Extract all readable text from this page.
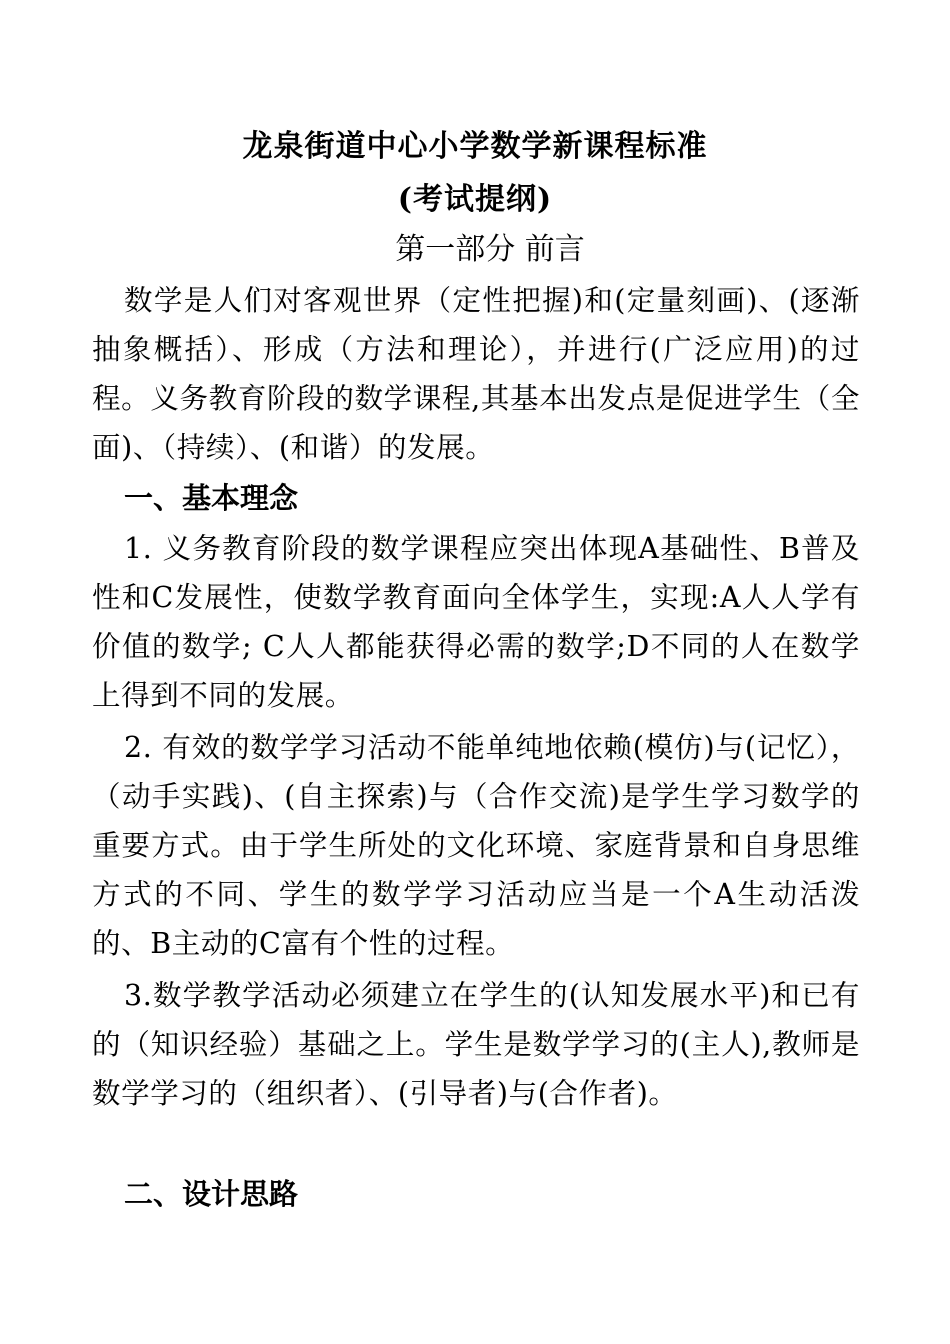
龙泉街道中心小学数学新课程标准
(考试提纲)
第一部分 前言
数学是人们对客观世界（定性把握)和(定量刻画)、(逐渐抽象概括）、形成（方法和理论），并进行(广泛应用)的过程。义务教育阶段的数学课程,其基本出发点是促进学生（全面)、（持续）、(和谐）的发展。
一、基本理念
1. 义务教育阶段的数学课程应突出体现A基础性、B普及性和C发展性，使数学教育面向全体学生，实现:A人人学有价值的数学; C人人都能获得必需的数学;D不同的人在数学上得到不同的发展。
2. 有效的数学学习活动不能单纯地依赖(模仿)与(记忆），（动手实践)、(自主探索)与（合作交流)是学生学习数学的重要方式。由于学生所处的文化环境、家庭背景和自身思维方式的不同、学生的数学学习活动应当是一个A生动活泼的、B主动的C富有个性的过程。
3.数学教学活动必须建立在学生的(认知发展水平)和已有的（知识经验）基础之上。学生是数学学习的(主人),教师是数学学习的（组织者）、(引导者)与(合作者)。
二、设计思路
